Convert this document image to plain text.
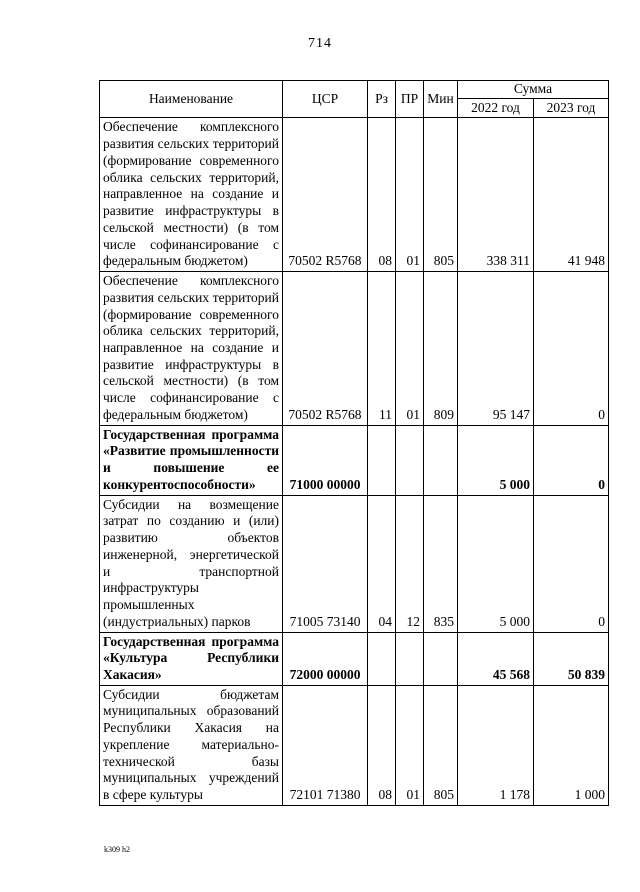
714
Наименование	ЦСР	Рз	ПР	Мин	Сумма	
					2022 год	2023 год
Обеспечение комплексного развития сельских территорий (формирование современного облика сельских территорий, направленное на создание и развитие инфраструктуры в сельской местности) (в том числе софинансирование с федеральным бюджетом)	70502 R5768	08	01	805	338 311	41 948
Обеспечение комплексного развития сельских территорий (формирование современного облика сельских территорий, направленное на создание и развитие инфраструктуры в сельской местности) (в том числе софинансирование с федеральным бюджетом)	70502 R5768	11	01	809	95 147	0
Государственная программа «Развитие промышленности и повышение ее конкурентоспособности»	71000 00000				5 000	0
Субсидии на возмещение затрат по созданию и (или) развитию объектов инженерной, энергетической и транспортной инфраструктуры промышленных (индустриальных) парков	71005 73140	04	12	835	5 000	0
Государственная программа «Культура Республики Хакасия»	72000 00000				45 568	50 839
Субсидии бюджетам муниципальных образований Республики Хакасия на укрепление материально-технической базы муниципальных учреждений в сфере культуры	72101 71380	08	01	805	1 178	1 000
k309 h2
